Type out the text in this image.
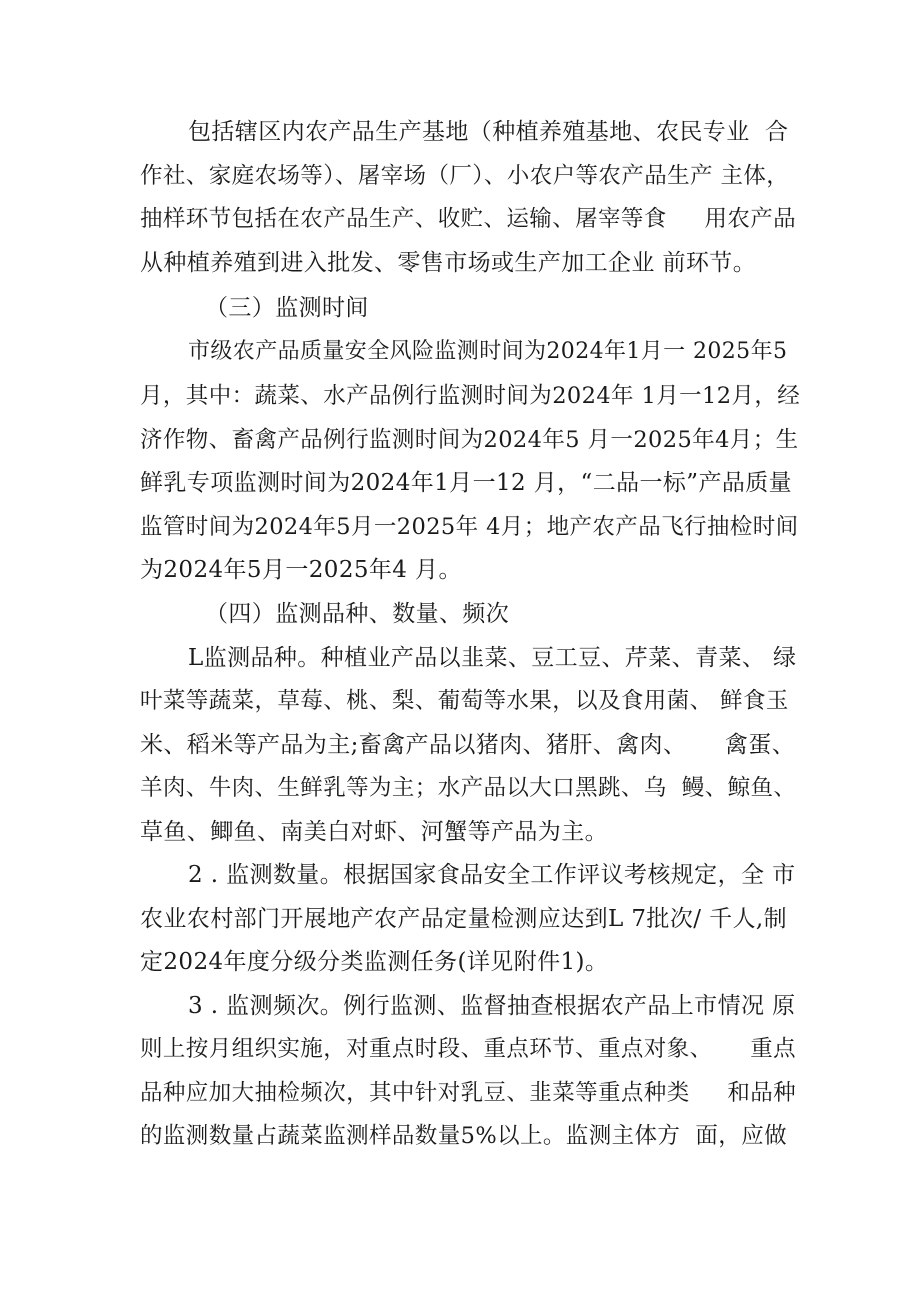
包括辖区内农产品生产基地（种植养殖基地、农民专业  合
作社、家庭农场等）、屠宰场（厂）、小农户等农产品生产 主体，
抽样环节包括在农产品生产、收贮、运输、屠宰等食     用农产品
从种植养殖到进入批发、零售市场或生产加工企业 前环节。
（三）监测时间
市级农产品质量安全风险监测时间为2024年1月一 2025年5
月，其中：蔬菜、水产品例行监测时间为2024年 1月一12月，经
济作物、畜禽产品例行监测时间为2024年5 月一2025年4月；生
鲜乳专项监测时间为2024年1月一12 月，“二品一标”产品质量
监管时间为2024年5月一2025年 4月；地产农产品飞行抽检时间
为2024年5月一2025年4 月。
（四）监测品种、数量、频次
L监测品种。种植业产品以韭菜、豆工豆、芹菜、青菜、 绿
叶菜等蔬菜，草莓、桃、梨、葡萄等水果，以及食用菌、 鲜食玉
米、稻米等产品为主;畜禽产品以猪肉、猪肝、禽肉、     禽蛋、
羊肉、牛肉、生鲜乳等为主；水产品以大口黑跳、乌  鳗、鲸鱼、
草鱼、鲫鱼、南美白对虾、河蟹等产品为主。
2 . 监测数量。根据国家食品安全工作评议考核规定，全 市
农业农村部门开展地产农产品定量检测应达到L 7批次/ 千人,制
定2024年度分级分类监测任务(详见附件1)。
3 . 监测频次。例行监测、监督抽查根据农产品上市情况 原
则上按月组织实施，对重点时段、重点环节、重点对象、     重点
品种应加大抽检频次，其中针对乳豆、韭菜等重点种类     和品种
的监测数量占蔬菜监测样品数量5%以上。监测主体方  面，应做
